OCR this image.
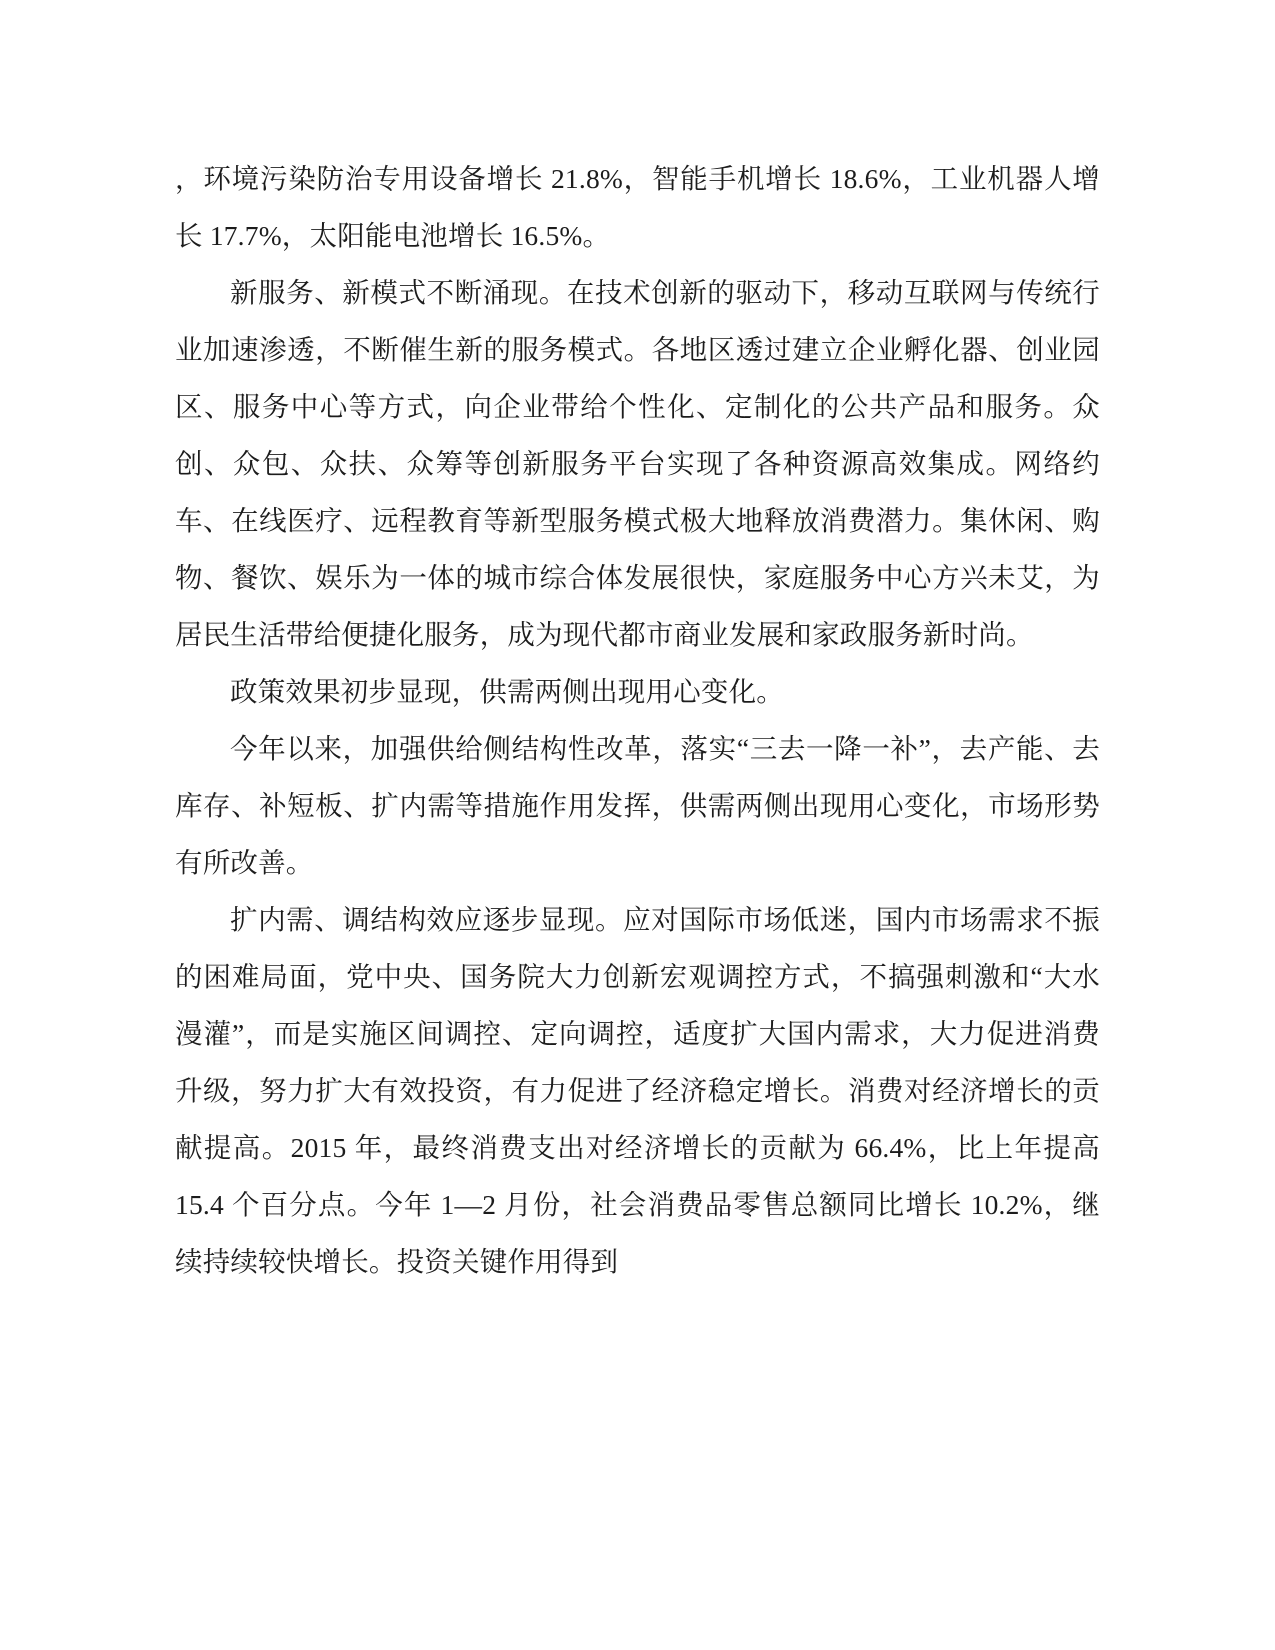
，环境污染防治专用设备增长 21.8%，智能手机增长 18.6%，工业机器人增长 17.7%，太阳能电池增长 16.5%。

新服务、新模式不断涌现。在技术创新的驱动下，移动互联网与传统行业加速渗透，不断催生新的服务模式。各地区透过建立企业孵化器、创业园区、服务中心等方式，向企业带给个性化、定制化的公共产品和服务。众创、众包、众扶、众筹等创新服务平台实现了各种资源高效集成。网络约车、在线医疗、远程教育等新型服务模式极大地释放消费潜力。集休闲、购物、餐饮、娱乐为一体的城市综合体发展很快，家庭服务中心方兴未艾，为居民生活带给便捷化服务，成为现代都市商业发展和家政服务新时尚。

政策效果初步显现，供需两侧出现用心变化。

今年以来，加强供给侧结构性改革，落实“三去一降一补”，去产能、去库存、补短板、扩内需等措施作用发挥，供需两侧出现用心变化，市场形势有所改善。

扩内需、调结构效应逐步显现。应对国际市场低迷，国内市场需求不振的困难局面，党中央、国务院大力创新宏观调控方式，不搞强刺激和“大水漫灌”，而是实施区间调控、定向调控，适度扩大国内需求，大力促进消费升级，努力扩大有效投资，有力促进了经济稳定增长。消费对经济增长的贡献提高。2015 年，最终消费支出对经济增长的贡献为 66.4%，比上年提高 15.4 个百分点。今年 1—2 月份，社会消费品零售总额同比增长 10.2%，继续持续较快增长。投资关键作用得到
